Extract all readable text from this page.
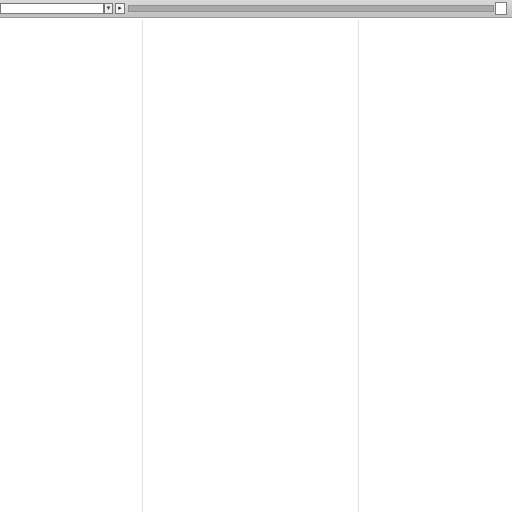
▾	▸
